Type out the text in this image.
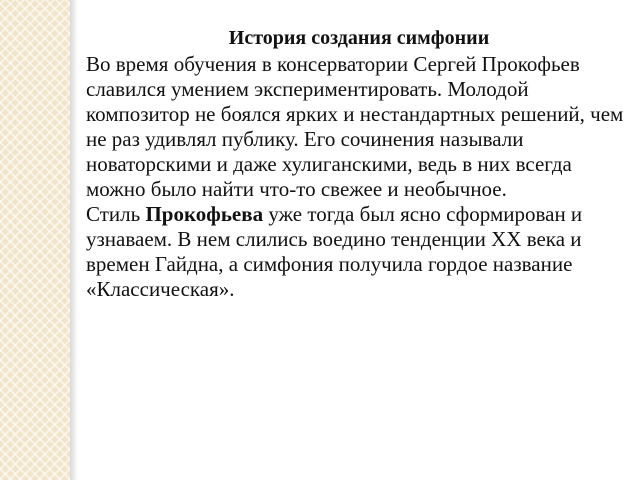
История создания симфонии

Во время обучения в консерватории Сергей Прокофьев славился умением экспериментировать. Молодой композитор не боялся ярких и нестандартных решений, чем не раз удивлял публику. Его сочинения называли новаторскими и даже хулиганскими, ведь в них всегда можно было найти что-то свежее и необычное.

Стиль Прокофьева уже тогда был ясно сформирован и узнаваем. В нем слились воедино тенденции XX века и времен Гайдна, а симфония получила гордое название «Классическая».
